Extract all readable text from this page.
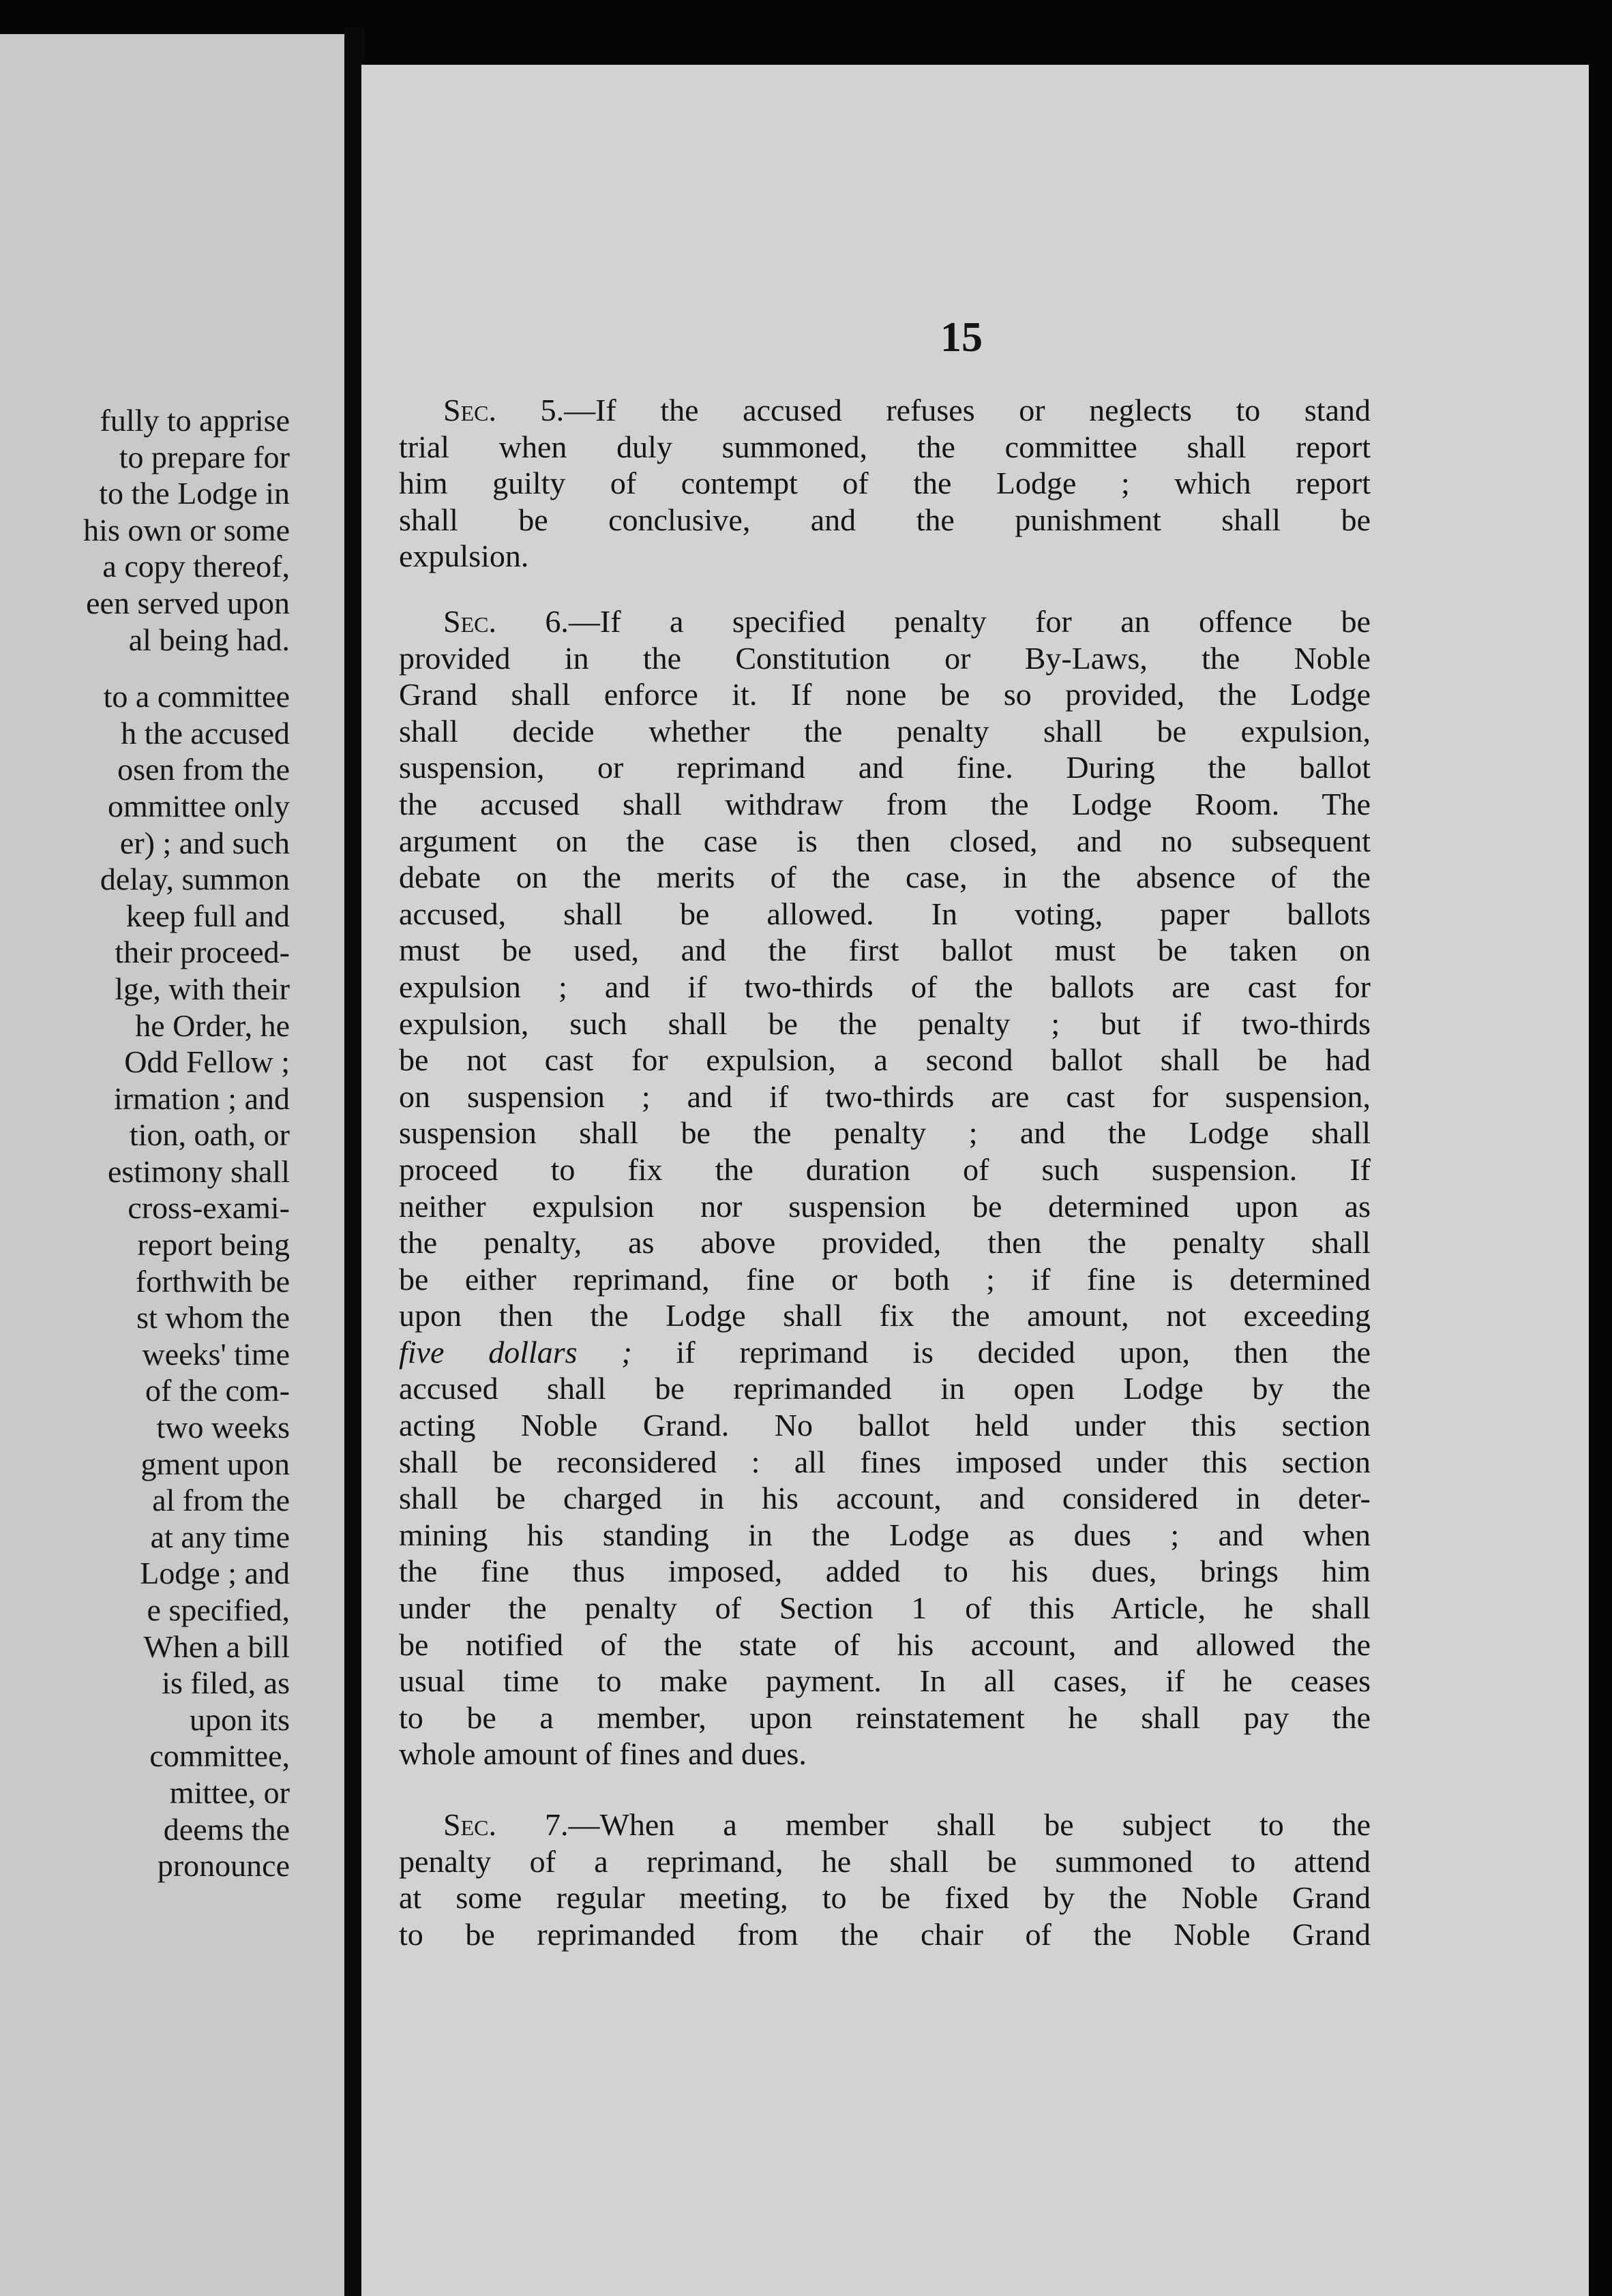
fully to apprise
to prepare for
to the Lodge in
his own or some
a copy thereof,
een served upon
al being had.
to a committee
h the accused
osen from the
ommittee only
er) ; and such
delay, summon
keep full and
their proceed-
lge, with their
he Order, he
Odd Fellow ;
irmation ; and
tion, oath, or
estimony shall
cross-exami-
report being
forthwith be
st whom the
weeks' time
of the com-
two weeks
gment upon
al from the
at any time
Lodge ; and
e specified,
When a bill
is filed, as
upon its
committee,
mittee, or
deems the
pronounce
15
Sec. 5.—If the accused refuses or neglects to stand
trial when duly summoned, the committee shall report
him guilty of contempt of the Lodge ; which report
shall be conclusive, and the punishment shall be
expulsion.
Sec. 6.—If a specified penalty for an offence be
provided in the Constitution or By-Laws, the Noble
Grand shall enforce it. If none be so provided, the Lodge
shall decide whether the penalty shall be expulsion,
suspension, or reprimand and fine. During the ballot
the accused shall withdraw from the Lodge Room. The
argument on the case is then closed, and no subsequent
debate on the merits of the case, in the absence of the
accused, shall be allowed. In voting, paper ballots
must be used, and the first ballot must be taken on
expulsion ; and if two-thirds of the ballots are cast for
expulsion, such shall be the penalty ; but if two-thirds
be not cast for expulsion, a second ballot shall be had
on suspension ; and if two-thirds are cast for suspension,
suspension shall be the penalty ; and the Lodge shall
proceed to fix the duration of such suspension. If
neither expulsion nor suspension be determined upon as
the penalty, as above provided, then the penalty shall
be either reprimand, fine or both ; if fine is determined
upon then the Lodge shall fix the amount, not exceeding
five dollars ; if reprimand is decided upon, then the
accused shall be reprimanded in open Lodge by the
acting Noble Grand. No ballot held under this section
shall be reconsidered : all fines imposed under this section
shall be charged in his account, and considered in deter-
mining his standing in the Lodge as dues ; and when
the fine thus imposed, added to his dues, brings him
under the penalty of Section 1 of this Article, he shall
be notified of the state of his account, and allowed the
usual time to make payment. In all cases, if he ceases
to be a member, upon reinstatement he shall pay the
whole amount of fines and dues.
Sec. 7.—When a member shall be subject to the
penalty of a reprimand, he shall be summoned to attend
at some regular meeting, to be fixed by the Noble Grand
to be reprimanded from the chair of the Noble Grand
